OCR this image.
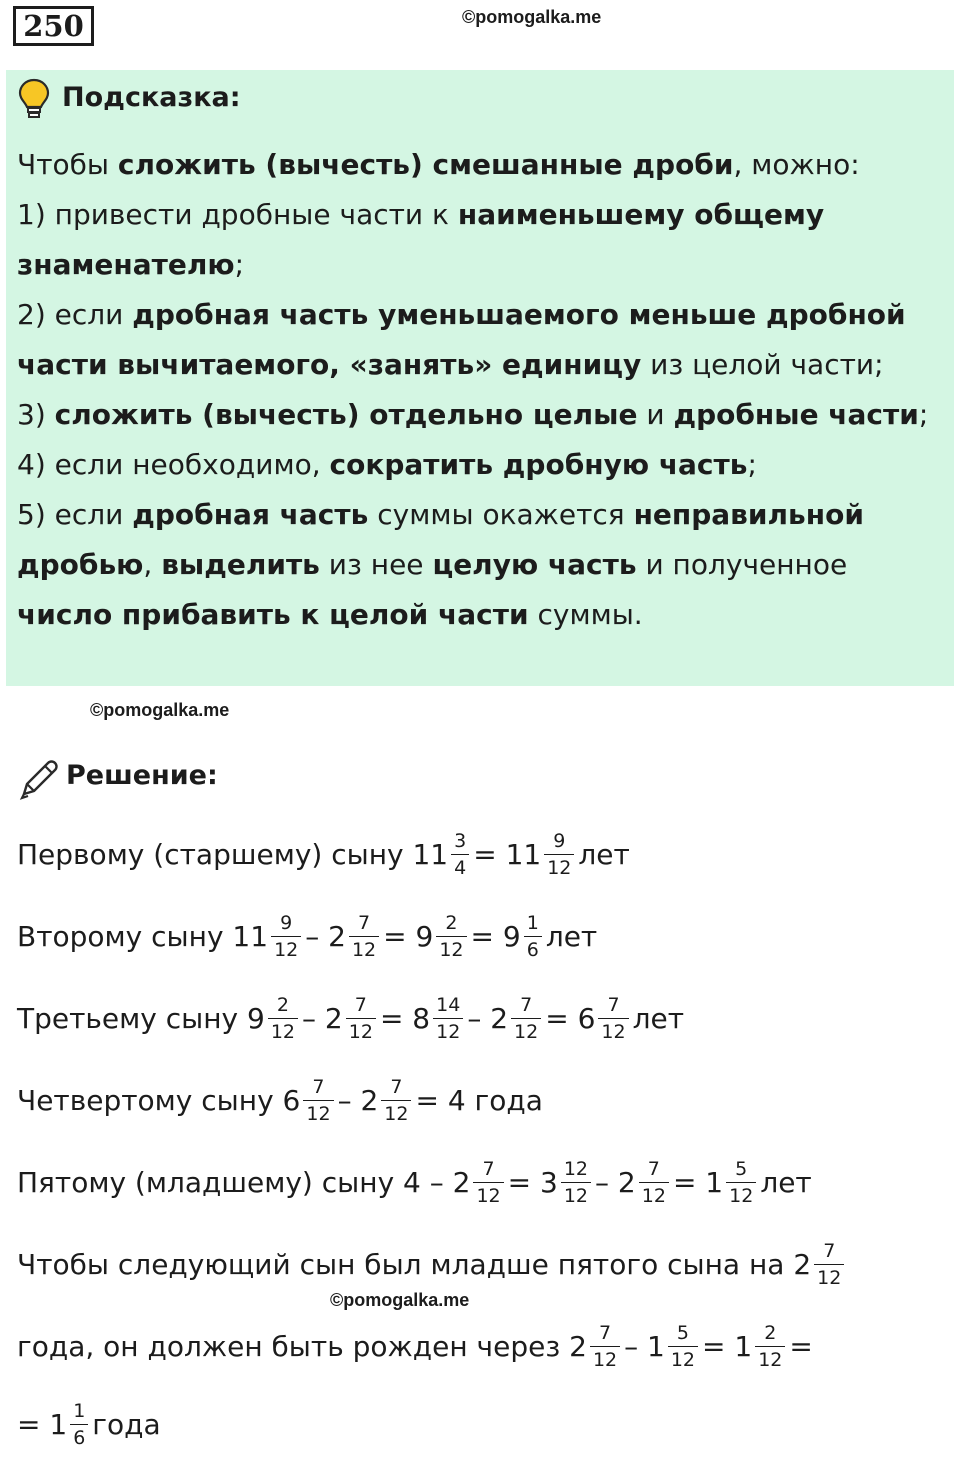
250	©pomogalka.me
Подсказка:

Чтобы сложить (вычесть) смешанные дроби, можно:

1) привести дробные части к наименьшему общему знаменателю;

2) если дробная часть уменьшаемого меньше дробной части вычитаемого, «занять» единицу из целой части;

3) сложить (вычесть) отдельно целые и дробные части;

4) если необходимо, сократить дробную часть;

5) если дробная часть суммы окажется неправильной дробью, выделить из нее целую часть и полученное число прибавить к целой части суммы.

©pomogalka.me
Решение:
Первому (старшему) сыну $11 \frac{3}{4} = 11 \frac{9}{12}$ лет
Второму сыну $11 \frac{9}{12} - 2 \frac{7}{12} = 9 \frac{2}{12} = 9 \frac{1}{6}$ лет
Третьему сыну $9 \frac{2}{12} - 2 \frac{7}{12} = 8 \frac{14}{12} - 2 \frac{7}{12} = 6 \frac{7}{12}$ лет
Четвертому сыну $6 \frac{7}{12} - 2 \frac{7}{12} = 4$ года
Пятому (младшему) сыну $4 - 2 \frac{7}{12} = 3 \frac{12}{12} - 2 \frac{7}{12} = 1 \frac{5}{12}$ лет
Чтобы следующий сын был младше пятого сына на $2 \frac{7}{12}$
©pomogalka.me
года, он должен быть рожден через $2 \frac{7}{12} - 1 \frac{5}{12} = 1 \frac{2}{12}$ =
= $1 \frac{1}{6}$ года
